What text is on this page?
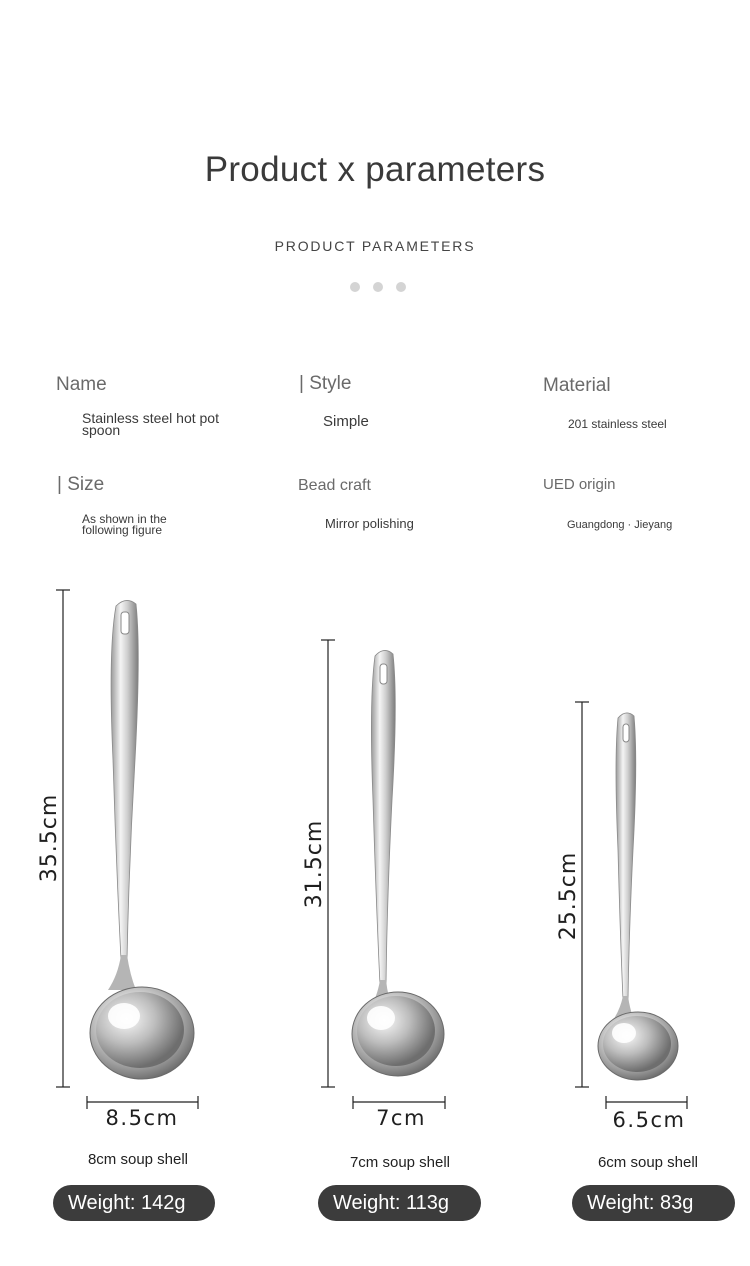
Product x parameters
PRODUCT PARAMETERS
Name
Stainless steel hot pot spoon
| Style
Simple
Material
201 stainless steel
| Size
As shown in the following figure
Bead craft
Mirror polishing
UED origin
Guangdong · Jieyang
35.5cm	31.5cm	25.5cm
8.5cm	7cm	6.5cm
8cm soup shell	7cm soup shell	6cm soup shell
Weight: 142g	Weight: 113g	Weight: 83g
